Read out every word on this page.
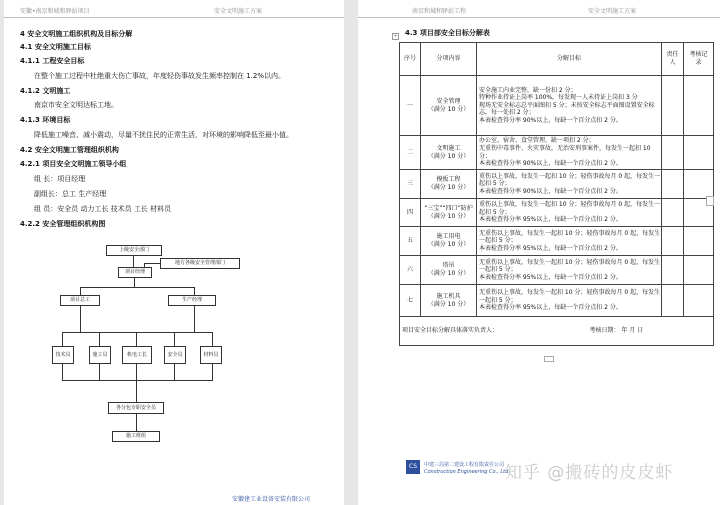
安徽•南京和城和驿站项目	安全文明施工方案
4 安全文明施工组织机构及目标分解
4.1 安全文明施工目标
4.1.1 工程安全目标
在整个施工过程中杜绝重大伤亡事故，年度轻伤事故发生频率控制在 1.2%以内。
4.1.2 文明施工
南京市安全文明达标工地。
4.1.3 环境目标
降低施工噪音、减小震动，尽量不扰住民的正常生活，对环境的影响降低至最小值。
4.2 安全文明施工管理组织机构
4.2.1 项目安全文明施工领导小组
组 长：项目经理
副组长：总工 生产经理
组 员：安全员 动力工长 技术员 工长 材料员
4.2.2 安全管理组织机构图
上级安全部门
地方各级安全管理部门
项目经理
项目总工	生产经理
技术员	施工员	机电工长	安全员	材料员
各分包专职安全员
施工班组
安徽建工业设备安装有限公司
南京和城和驿站工程	安全文明施工方案
+ 4.3 项目部安全目标分解表
序号	分项内容	分解目标	责任人	考核记录
一	安全管理
（满分 10 分）	安全施工内业完整，缺一份扣 2 分；
特种作业持证上岗率 100%，每发现一人未持证上岗扣 3 分
现场无安全标志总平面图扣 5 分；未按安全标志平面图设置安全标志，每一处扣 2 分；
本表检查得分率 90%以上，每缺一个百分点扣 2 分。		
二	文明施工
（满分 10 分）	办公室、宿舍、食堂管理，缺一项扣 2 分；
无重伤中毒事件、火灾事故，无治安刑事案件，每发生一起扣 10 分；
本表检查得分率 90%以上，每缺一个百分点扣 2 分。		
三	模板工程
（满分 10 分）	重伤以上事故，每发生一起扣 10 分；轻伤事故每月 0 起，每发生一起扣 5 分；
本表检查得分率 90%以上，每缺一个百分点扣 2 分。		
四	“三宝”“四口”防护（满分 10 分）	重伤以上事故，每发生一起扣 10 分；轻伤事故每月 0 起，每发生一起扣 5 分；
本表检查得分率 95%以上，每缺一个百分点扣 2 分。		
五	施工用电
（满分 10 分）	无重伤以上事故，每发生一起扣 10 分；轻伤事故每月 0 起，每发生一起扣 5 分；
本表检查得分率 95%以上，每缺一个百分点扣 2 分。		
六	塔吊
（满分 10 分）	无重伤以上事故，每发生一起扣 10 分；轻伤事故每月 0 起，每发生一起扣 5 分；
本表检查得分率 95%以上，每缺一个百分点扣 2 分。		
七	施工机具
（满分 10 分）	无重伤以上事故，每发生一起扣 10 分；轻伤事故每月 0 起，每发生一起扣 5 分；
本表检查得分率 95%以上，每缺一个百分点扣 2 分。		
项目安全目标分解具体落实负责人： 考核日期： 年 月 日				
CS	中建三局第二建设工程有限责任公司
Construction Engineering Co., Ltd.
知乎 @搬砖的皮皮虾
